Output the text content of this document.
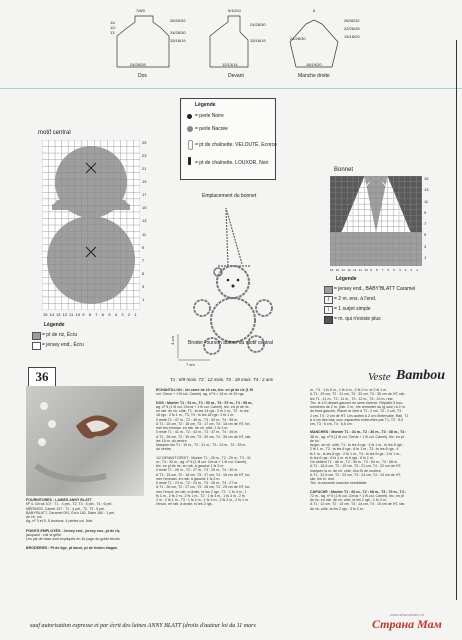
7/8/9
26/30/32
24/28/30
15/18/19
11/
12/
13
24/26/28
Dos
9/10/11
24/28/30
15/18/19
12/13/14
Devant
6
26/30/32
22/26/28
15/18/20
24/28/30
18/19/20
Manche droite
Légende
= perle Noire
= perle Nacrée
= pt de chaînette. VELOUTÉ, Ecorce
= pt de chaînette. LOUXOR, Noir
motif central
25
23
21
19
17
15
13
11
9
7
5
3
1
15 14 13 12 11 10 9 8 7 6 5 4 3 2 1
Légende
= pt de riz, Écru
= jersey end., Écru
Emplacement du bonnet
4 cm
7 cm
Broder l'ourson autour du motif central
Bonnet
15
13
11
9
7
5
3
1
16 15 14 13 12 11 10 9 8 7 6 5 4 3 2 1
Légende
= jersey end., BABY'BLATT Caramel
/ = 2 m. ens. à l'end.
\ = 1 surjet simple
= m. qui n'existe plus
36	T1 : 6/9 mois. T2 : 12 mois. T3 : 18 mois. T4 : 2 ans	Veste Bambou

FOURNITURES : LAINES ANNY BLATT

Nº 4, Cirrus 107 : T1 : 4 pel., T2, T3 : 5 pel., T4 : 6 pel.

MÉRINOS, Camel 137 : T1 : 4 pel., T2, T3 : 5 pel.

BABY'BLATT, Caramel 091, Écru 182, Daim 160 : 1 pel.

de ch. col.

Ag. nº 3 et 5, 5 boutons, 4 perles col. Noir.

POINTS EMPLOYÉS : Jersey end., jersey env., pt de riz,

jacquard : voir la grille.

Les pts de base sont expliqués en 3e page du guide tricots.

BRODERIES : Pt de tige, pt lancé, pt de feston élagué.

ÉCHANTILLON : Un carré de 10 cm, tric. en pt de riz (1 fil

col. Cirrus + 1 fil col. Camel), ag. nº 5 = 16 m. et 29 rgs.

DOS : Monter T1 : 51 m., T2 : 53 m., T3 : 57 m., T4 : 59 m.,

ag. nº 5 (1 fil col. Cirrus + 1 fil col. Camel), tric. en pt de riz,

en rab. de ch. côté, T1 : ts les 14 rgs : 2 fs 1 m., T2 : ts les

16 rgs : 2 fs 1 m., T3, T4 : ts les 18 rgs : 2 fs 1 m.

Il reste T1 : 47 m., T2 : 49 m., T3 : 53 m., T4 : 55 m.

A T1 : 15 cm, T2 : 16 cm, T3 : 17 cm, T4 : 18 cm de HT, for-

mer les emman. en rab. de ch. côté, 1 fs 3 m.

Il reste T1 : 41 m., T2 : 43 m., T3 : 47 m., T4 : 49 m.

A T1 : 26 cm, T2 : 30 cm, T3 : 30 cm, T4 : 35 cm de HT, rab.

les 15 m. du centre.

Marquer les T1 : 19 m., T2 : 21 m., T3 : 23 m., T4 : 25 m.

du centre.

1/2 DEVANT DROIT : Monter T1 : 28 m., T2 : 29 m., T3 : 31

m., T4 : 32 m., ag. nº 5 (1 fil col. Cirrus + 1 fil col. Camel),

tric. en pt de riz, en rab. à gauche 1 fs 3 m.

Il reste T1 : 26 m., T2 : 27 m., T3 : 29 m., T4 : 30 m.

A T1 : 15 cm, T2 : 16 cm, T3 : 17 cm, T4 : 18 cm de HT, for-

mer l'emman. en rab. à gauche 1 fs 3 m.

Il reste T1 : 23 m., T2 : 24 m., T3 : 26 m., T4 : 27 m.

A T1 : 26 cm, T2 : 27 cm, T3 : 28 cm, T4 : 29 cm de HT, for-

mer l'encol. en rab. à droite, ts les 2 rgs : T1 : 1 fs 4 m., 1

fs 3 m., 2 fs 2 m., 2 fs 1 m., T2 : 1 fs 4 m., 1 fs 3 m., 2 fs

2 m., 2 fs 1 m., T3 : 1 fs 4 m., 1 fs 3 m., 2 fs 2 m., 2 fs 1 m.

l'encol. en rab. à droite, ts les 2 rgs.

m., T4 : 1 fs 5 m., 1 fs 4 m., 2 fs 2 m. et 2 fs 1 m.

A T1 : 29 cm, T2 : 31 cm, T3 : 33 cm, T4 : 35 cm de HT, rab.

les T1 : 11 m., T2 : 11 m., T3 : 12 m., T4 : 13 m. rest.

Tric. le 1/2 devant gauche en sens inverse. Répartir 5 bou-

tonnières de 2 m. (rab. 2 m., les remonter au rg suiv.) à 2 m.

du bord gauche. Placer la 1ère à T1 : 2 cm, T2 : 2 cm, T3 :

2 cm, T4 : 2 cm de HT. Les autres à 2 cm d'intervalle. Rab. T1

à 4 cm des bas, suiv. espacées entre-elles par T1, T2 : 5,5

cm, T3 : 6 cm, T4 : 6,5 cm.

MANCHES : Monter T1 : 34 m., T2 : 36 m., T3 : 38 m., T4 :

38 m., ag. nº 5 (1 fil col. Cirrus + 1 fil col. Camel), tric. en pt

de riz.

Augm. de ch. côté, T1 : ts les 6 rgs : 4 fs 1 m., ts les 8 rgs :

2 fs 1 m., T2 : ts les 6 rgs : 6 fs 1 m., T3 : ts les 6 rgs : 4

fs 1 m., ts les 8 rgs : 2 fs 1 m., T4 : ts les 6 rgs : 2 fs 1 m.,

ts les 6 rgs : 6 fs 1 m. et 6 rgs : 6 fs 1 m.

On obtient T1 : 46 m., T2 : 50 m., T3 : 54 m., T4 : 58 m.

A T1 : 18,5 cm, T2 : 19 cm, T3 : 21 cm, T4 : 22 cm de HT,

marquer la m. de ch. côté, d'un fil de couleur.

A T1 : 22,5 cm, T2 : 23 cm, T3 : 24 cm, T4 : 24 cm de HT,

rab. les m. rest.

Tric. la seconde manche semblable.

CAPUCHE : Monter T1 : 66 m., T2 : 68 m., T3 : 70 m., T4 :

72 m., ag. nº 5 (1 fil col. Cirrus + 1 fil col. Camel), tric. en pt

de riz, en rab. de ch. côté, ts les 2 rgs : 1 fs 3 m.

A T1 : 12 cm, T2 : 13 cm, T3 : 14 cm, T4 : 15 cm de HT, rab.

de ch. côté, ts les 2 rgs : 3 fs 3 m.

sauf autorisation expresse et par écrit des laines ANNY BLATT (droits d'auteur loi du 11 mars	Страна Мам
www.stranamam.ru
